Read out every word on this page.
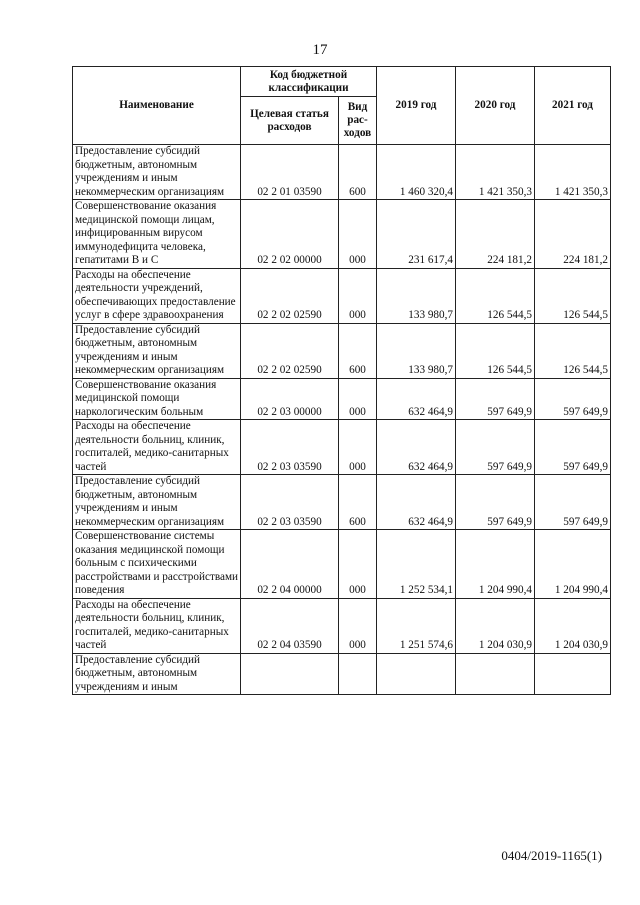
17
Наименование	Код бюджетной классификации		2019 год	2020 год	2021 год
	Целевая статья расходов	Вид рас-ходов			
Предоставление субсидий бюджетным, автономным учреждениям и иным некоммерческим организациям	02 2 01 03590	600	1 460 320,4	1 421 350,3	1 421 350,3
Совершенствование оказания медицинской помощи лицам, инфицированным вирусом иммунодефицита человека, гепатитами В и С	02 2 02 00000	000	231 617,4	224 181,2	224 181,2
Расходы на обеспечение деятельности учреждений, обеспечивающих предоставление услуг в сфере здравоохранения	02 2 02 02590	000	133 980,7	126 544,5	126 544,5
Предоставление субсидий бюджетным, автономным учреждениям и иным некоммерческим организациям	02 2 02 02590	600	133 980,7	126 544,5	126 544,5
Совершенствование оказания медицинской помощи наркологическим больным	02 2 03 00000	000	632 464,9	597 649,9	597 649,9
Расходы на обеспечение деятельности больниц, клиник, госпиталей, медико-санитарных частей	02 2 03 03590	000	632 464,9	597 649,9	597 649,9
Предоставление субсидий бюджетным, автономным учреждениям и иным некоммерческим организациям	02 2 03 03590	600	632 464,9	597 649,9	597 649,9
Совершенствование системы оказания медицинской помощи больным с психическими расстройствами и расстройствами поведения	02 2 04 00000	000	1 252 534,1	1 204 990,4	1 204 990,4
Расходы на обеспечение деятельности больниц, клиник, госпиталей, медико-санитарных частей	02 2 04 03590	000	1 251 574,6	1 204 030,9	1 204 030,9
Предоставление субсидий бюджетным, автономным учреждениям и иным					
0404/2019-1165(1)
